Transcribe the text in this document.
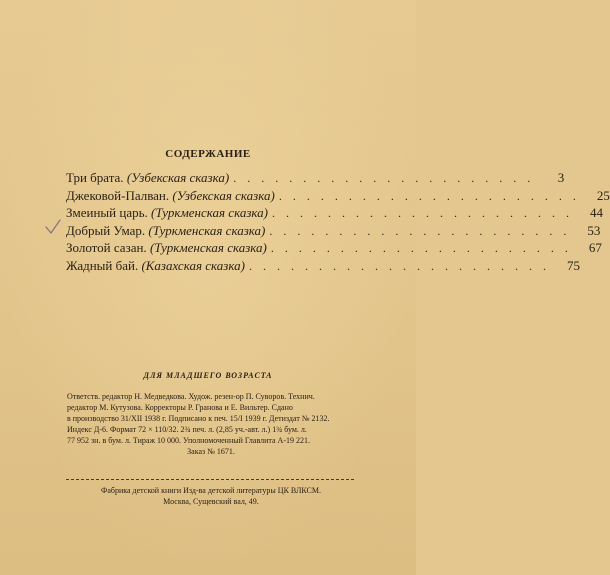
СОДЕРЖАНИЕ
Три брата. (Узбекская сказка) . . . . . . . . . . . . . . . . . . . . . .	3
Джековой-Палван. (Узбекская сказка) . . . . . . . . . . . . . . . . . . . . . .	25
Змеиный царь. (Туркменская сказка) . . . . . . . . . . . . . . . . . . . . . .	44
Добрый Умар. (Туркменская сказка) . . . . . . . . . . . . . . . . . . . . . .	53
Золотой сазан. (Туркменская сказка) . . . . . . . . . . . . . . . . . . . . . .	67
Жадный бай. (Казахская сказка) . . . . . . . . . . . . . . . . . . . . . .	75
ДЛЯ МЛАДШЕГО ВОЗРАСТА
Ответств. редактор Н. Медведкова. Худож. резен-ор П. Суворов. Технич.
редактор М. Кутузова. Корректоры Р. Гранова и Е. Вильтер. Сдано
в производство 31/XII 1938 г. Подписано к печ. 15/I 1939 г. Детиздат № 2132.
Индекс Д-6. Формат 72 × 110/32. 2¾ печ. л. (2,85 уч.-авт. л.) 1¾ бум. л.
77 952 зн. в бум. л. Тираж 10 000. Уполномоченный Главлита А-19 221.
Заказ № 1671.
Фабрика детской книги Изд-ва детской литературы ЦК ВЛКСМ.
Москва, Сущевский вал, 49.
